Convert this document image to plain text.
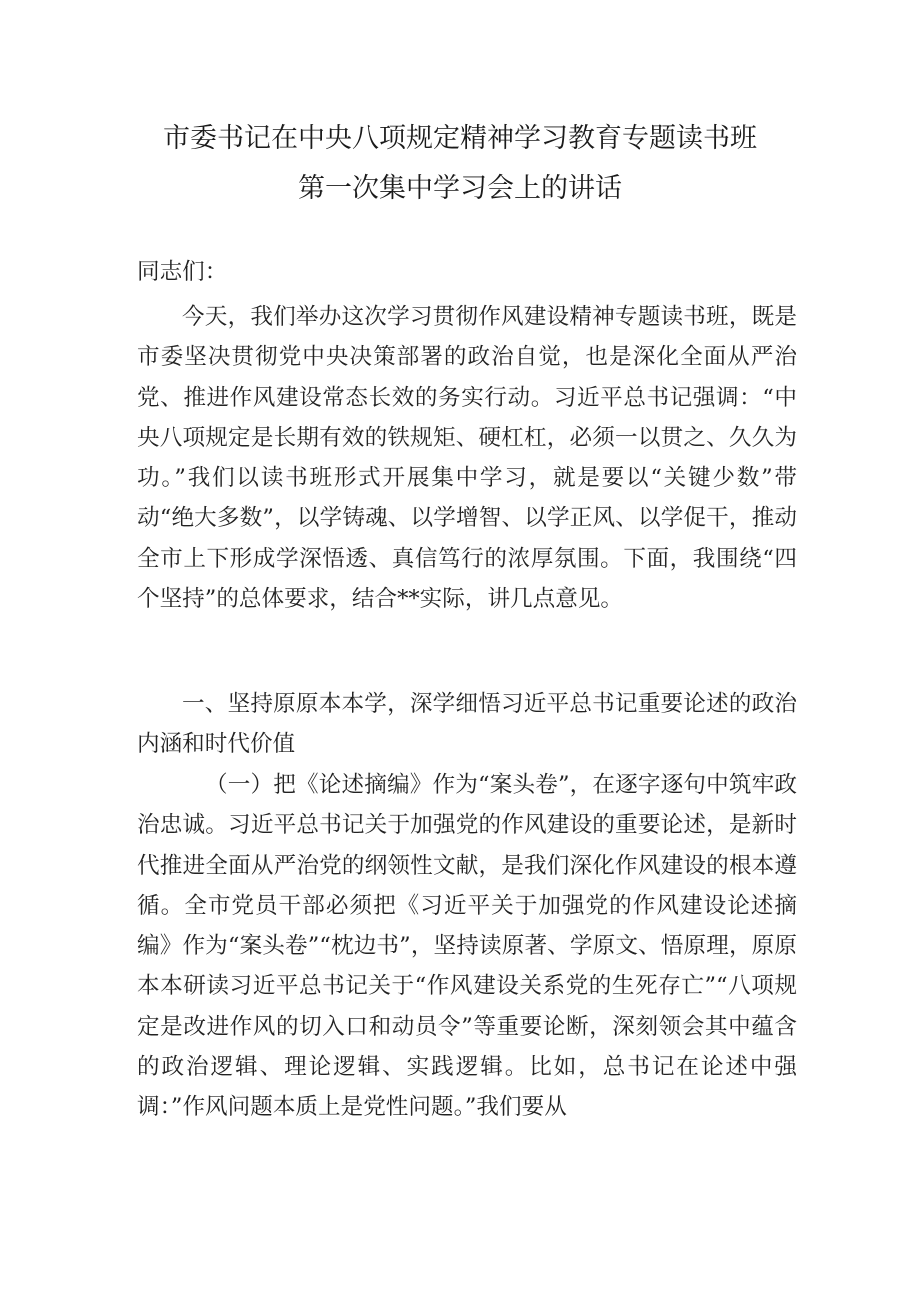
市委书记在中央八项规定精神学习教育专题读书班
第一次集中学习会上的讲话

同志们：

今天，我们举办这次学习贯彻作风建设精神专题读书班，既是市委坚决贯彻党中央决策部署的政治自觉，也是深化全面从严治党、推进作风建设常态长效的务实行动。习近平总书记强调：“中央八项规定是长期有效的铁规矩、硬杠杠，必须一以贯之、久久为功。”我们以读书班形式开展集中学习，就是要以“关键少数”带动“绝大多数”，以学铸魂、以学增智、以学正风、以学促干，推动全市上下形成学深悟透、真信笃行的浓厚氛围。下面，我围绕“四个坚持”的总体要求，结合**实际，讲几点意见。

一、坚持原原本本学，深学细悟习近平总书记重要论述的政治内涵和时代价值

（一）把《论述摘编》作为“案头卷”，在逐字逐句中筑牢政治忠诚。习近平总书记关于加强党的作风建设的重要论述，是新时代推进全面从严治党的纲领性文献，是我们深化作风建设的根本遵循。全市党员干部必须把《习近平关于加强党的作风建设论述摘编》作为“案头卷”“枕边书”，坚持读原著、学原文、悟原理，原原本本研读习近平总书记关于“作风建设关系党的生死存亡”“八项规定是改进作风的切入口和动员令”等重要论断，深刻领会其中蕴含的政治逻辑、理论逻辑、实践逻辑。比如，总书记在论述中强调：”作风问题本质上是党性问题。”我们要从
